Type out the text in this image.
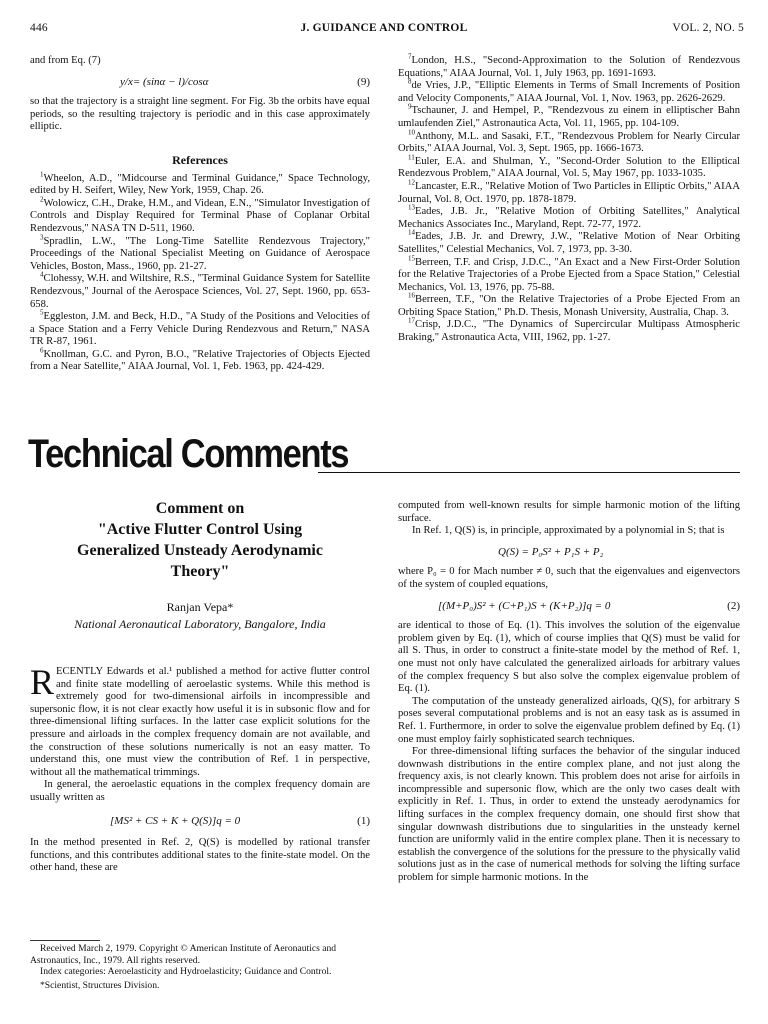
446	J. GUIDANCE AND CONTROL	VOL. 2, NO. 5

and from Eq. (7)

y/x= (sinα − l)/cosα	(9)

so that the trajectory is a straight line segment. For Fig. 3b the orbits have equal periods, so the resulting trajectory is periodic and in this case approximately elliptic.

References

$^1$Wheelon, A.D., "Midcourse and Terminal Guidance," Space Technology, edited by H. Seifert, Wiley, New York, 1959, Chap. 26.

$^2$Wolowicz, C.H., Drake, H.M., and Videan, E.N., "Simulator Investigation of Controls and Display Required for Terminal Phase of Coplanar Orbital Rendezvous," NASA TN D-511, 1960.

$^3$Spradlin, L.W., "The Long-Time Satellite Rendezvous Trajectory," Proceedings of the National Specialist Meeting on Guidance of Aerospace Vehicles, Boston, Mass., 1960, pp. 21-27.

$^4$Clohessy, W.H. and Wiltshire, R.S., "Terminal Guidance System for Satellite Rendezvous," Journal of the Aerospace Sciences, Vol. 27, Sept. 1960, pp. 653-658.

$^5$Eggleston, J.M. and Beck, H.D., "A Study of the Positions and Velocities of a Space Station and a Ferry Vehicle During Rendezvous and Return," NASA TR R-87, 1961.

$^6$Knollman, G.C. and Pyron, B.O., "Relative Trajectories of Objects Ejected from a Near Satellite," AIAA Journal, Vol. 1, Feb. 1963, pp. 424-429.

$^7$London, H.S., "Second-Approximation to the Solution of Rendezvous Equations," AIAA Journal, Vol. 1, July 1963, pp. 1691-1693.

$^8$de Vries, J.P., "Elliptic Elements in Terms of Small Increments of Position and Velocity Components," AIAA Journal, Vol. 1, Nov. 1963, pp. 2626-2629.

$^9$Tschauner, J. and Hempel, P., "Rendezvous zu einem in elliptischer Bahn umlaufenden Ziel," Astronautica Acta, Vol. 11, 1965, pp. 104-109.

$^{10}$Anthony, M.L. and Sasaki, F.T., "Rendezvous Problem for Nearly Circular Orbits," AIAA Journal, Vol. 3, Sept. 1965, pp. 1666-1673.

$^{11}$Euler, E.A. and Shulman, Y., "Second-Order Solution to the Elliptical Rendezvous Problem," AIAA Journal, Vol. 5, May 1967, pp. 1033-1035.

$^{12}$Lancaster, E.R., "Relative Motion of Two Particles in Elliptic Orbits," AIAA Journal, Vol. 8, Oct. 1970, pp. 1878-1879.

$^{13}$Eades, J.B. Jr., "Relative Motion of Orbiting Satellites," Analytical Mechanics Associates Inc., Maryland, Rept. 72-77, 1972.

$^{14}$Eades, J.B. Jr. and Drewry, J.W., "Relative Motion of Near Orbiting Satellites," Celestial Mechanics, Vol. 7, 1973, pp. 3-30.

$^{15}$Berreen, T.F. and Crisp, J.D.C., "An Exact and a New First-Order Solution for the Relative Trajectories of a Probe Ejected from a Space Station," Celestial Mechanics, Vol. 13, 1976, pp. 75-88.

$^{16}$Berreen, T.F., "On the Relative Trajectories of a Probe Ejected From an Orbiting Space Station," Ph.D. Thesis, Monash University, Australia, Chap. 3.

$^{17}$Crisp, J.D.C., "The Dynamics of Supercircular Multipass Atmospheric Braking," Astronautica Acta, VIII, 1962, pp. 1-27.

Technical Comments
Comment on
"Active Flutter Control Using
Generalized Unsteady Aerodynamic
Theory"
Ranjan Vepa*
National Aeronautical Laboratory, Bangalore, India

RECENTLY Edwards et al.¹ published a method for active flutter control and finite state modelling of aeroelastic systems. While this method is extremely good for two-dimensional airfoils in incompressible and supersonic flow, it is not clear exactly how useful it is in subsonic flow and for three-dimensional lifting surfaces. In the latter case explicit solutions for the pressure and airloads in the complex frequency domain are not available, and the construction of these solutions numerically is not an easy matter. To understand this, one must view the contribution of Ref. 1 in perspective, without all the mathematical trimmings.

In general, the aeroelastic equations in the complex frequency domain are usually written as

[MS² + CS + K + Q(S)]q = 0	(1)

In the method presented in Ref. 2, Q(S) is modelled by rational transfer functions, and this contributes additional states to the finite-state model. On the other hand, these are

Received March 2, 1979. Copyright © American Institute of Aeronautics and Astronautics, Inc., 1979. All rights reserved.
Index categories: Aeroelasticity and Hydroelasticity; Guidance and Control.
*Scientist, Structures Division.

computed from well-known results for simple harmonic motion of the lifting surface.

In Ref. 1, Q(S) is, in principle, approximated by a polynomial in S; that is

Q(S) = P₀S² + P₁S + P₂

where P₀ = 0 for Mach number ≠ 0, such that the eigenvalues and eigenvectors of the system of coupled equations,

[(M+P₀)S² + (C+P₁)S + (K+P₂)]q = 0	(2)

are identical to those of Eq. (1). This involves the solution of the eigenvalue problem given by Eq. (1), which of course implies that Q(S) must be valid for all S. Thus, in order to construct a finite-state model by the method of Ref. 1, one must not only have calculated the generalized airloads for arbitrary values of the complex frequency S but also solve the complex eigenvalue problem of Eq. (1).

The computation of the unsteady generalized airloads, Q(S), for arbitrary S poses several computational problems and is not an easy task as is assumed in Ref. 1. Furthermore, in order to solve the eigenvalue problem defined by Eq. (1) one must employ fairly sophisticated search techniques.

For three-dimensional lifting surfaces the behavior of the singular induced downwash distributions in the entire complex plane, and not just along the frequency axis, is not clearly known. This problem does not arise for airfoils in incompressible and supersonic flow, which are the only two cases dealt with explicitly in Ref. 1. Thus, in order to extend the unsteady aerodynamics for lifting surfaces in the complex frequency domain, one should first show that singular downwash distributions due to singularities in the unsteady kernel function are uniformly valid in the entire complex plane. Then it is necessary to establish the convergence of the solutions for the pressure to the physically valid solutions just as in the case of numerical methods for solving the lifting surface problem for simple harmonic motions. In the
